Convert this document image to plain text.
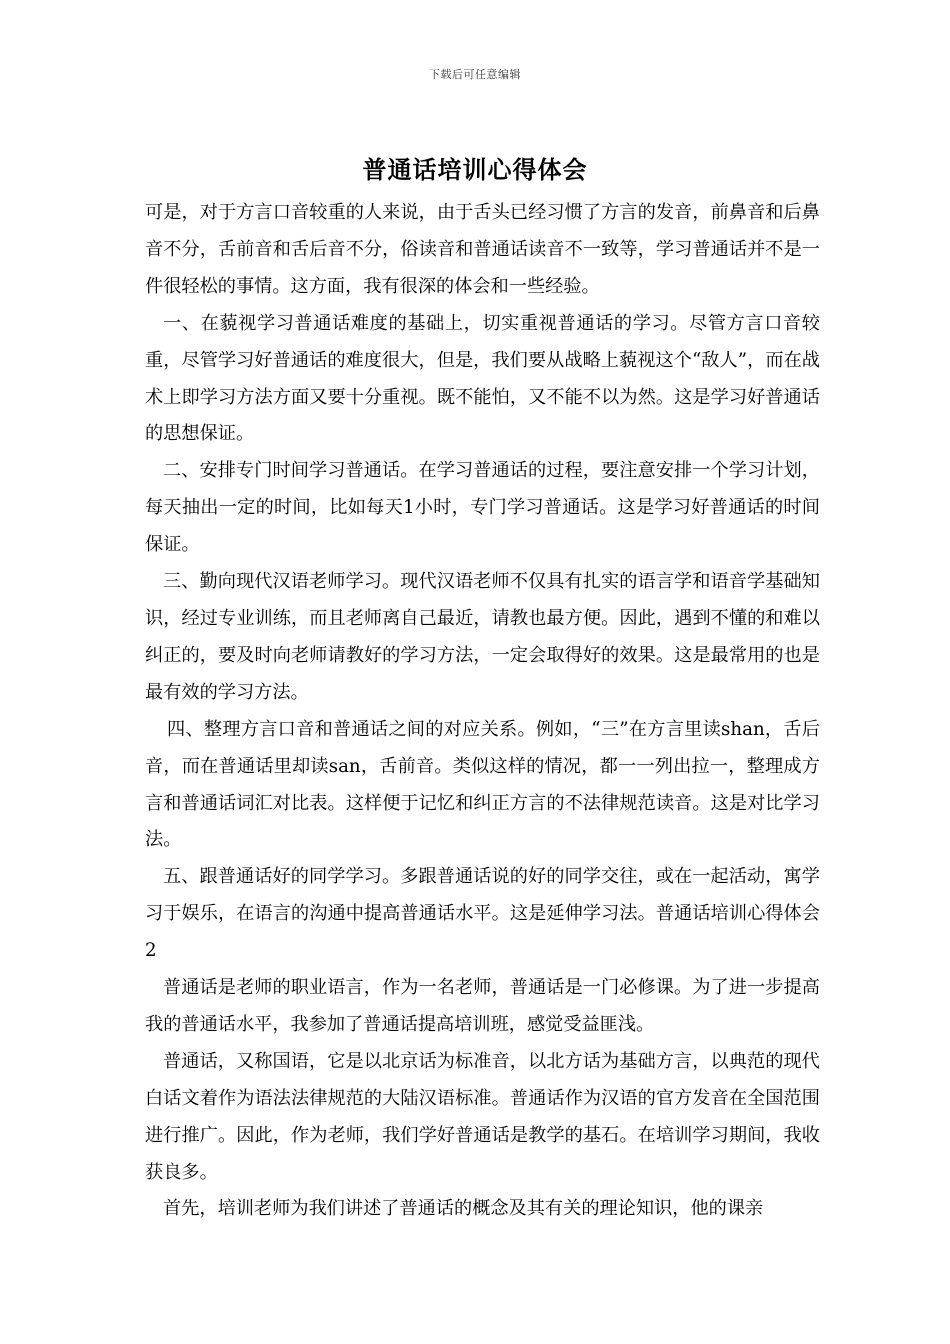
下载后可任意编辑
普通话培训心得体会

可是，对于方言口音较重的人来说，由于舌头已经习惯了方言的发音，前鼻音和后鼻音不分，舌前音和舌后音不分，俗读音和普通话读音不一致等，学习普通话并不是一件很轻松的事情。这方面，我有很深的体会和一些经验。

一、在藐视学习普通话难度的基础上，切实重视普通话的学习。尽管方言口音较重，尽管学习好普通话的难度很大，但是，我们要从战略上藐视这个“敌人”，而在战术上即学习方法方面又要十分重视。既不能怕，又不能不以为然。这是学习好普通话的思想保证。

二、安排专门时间学习普通话。在学习普通话的过程，要注意安排一个学习计划，每天抽出一定的时间，比如每天1小时，专门学习普通话。这是学习好普通话的时间保证。

三、勤向现代汉语老师学习。现代汉语老师不仅具有扎实的语言学和语音学基础知识，经过专业训练，而且老师离自己最近，请教也最方便。因此，遇到不懂的和难以纠正的，要及时向老师请教好的学习方法，一定会取得好的效果。这是最常用的也是最有效的学习方法。

四、整理方言口音和普通话之间的对应关系。例如，“三”在方言里读shan，舌后音，而在普通话里却读san，舌前音。类似这样的情况，都一一列出拉一，整理成方言和普通话词汇对比表。这样便于记忆和纠正方言的不法律规范读音。这是对比学习法。

五、跟普通话好的同学学习。多跟普通话说的好的同学交往，或在一起活动，寓学习于娱乐，在语言的沟通中提高普通话水平。这是延伸学习法。普通话培训心得体会2

普通话是老师的职业语言，作为一名老师，普通话是一门必修课。为了进一步提高我的普通话水平，我参加了普通话提高培训班，感觉受益匪浅。

普通话，又称国语，它是以北京话为标准音，以北方话为基础方言，以典范的现代白话文着作为语法法律规范的大陆汉语标准。普通话作为汉语的官方发音在全国范围进行推广。因此，作为老师，我们学好普通话是教学的基石。在培训学习期间，我收获良多。

首先，培训老师为我们讲述了普通话的概念及其有关的理论知识，他的课亲
